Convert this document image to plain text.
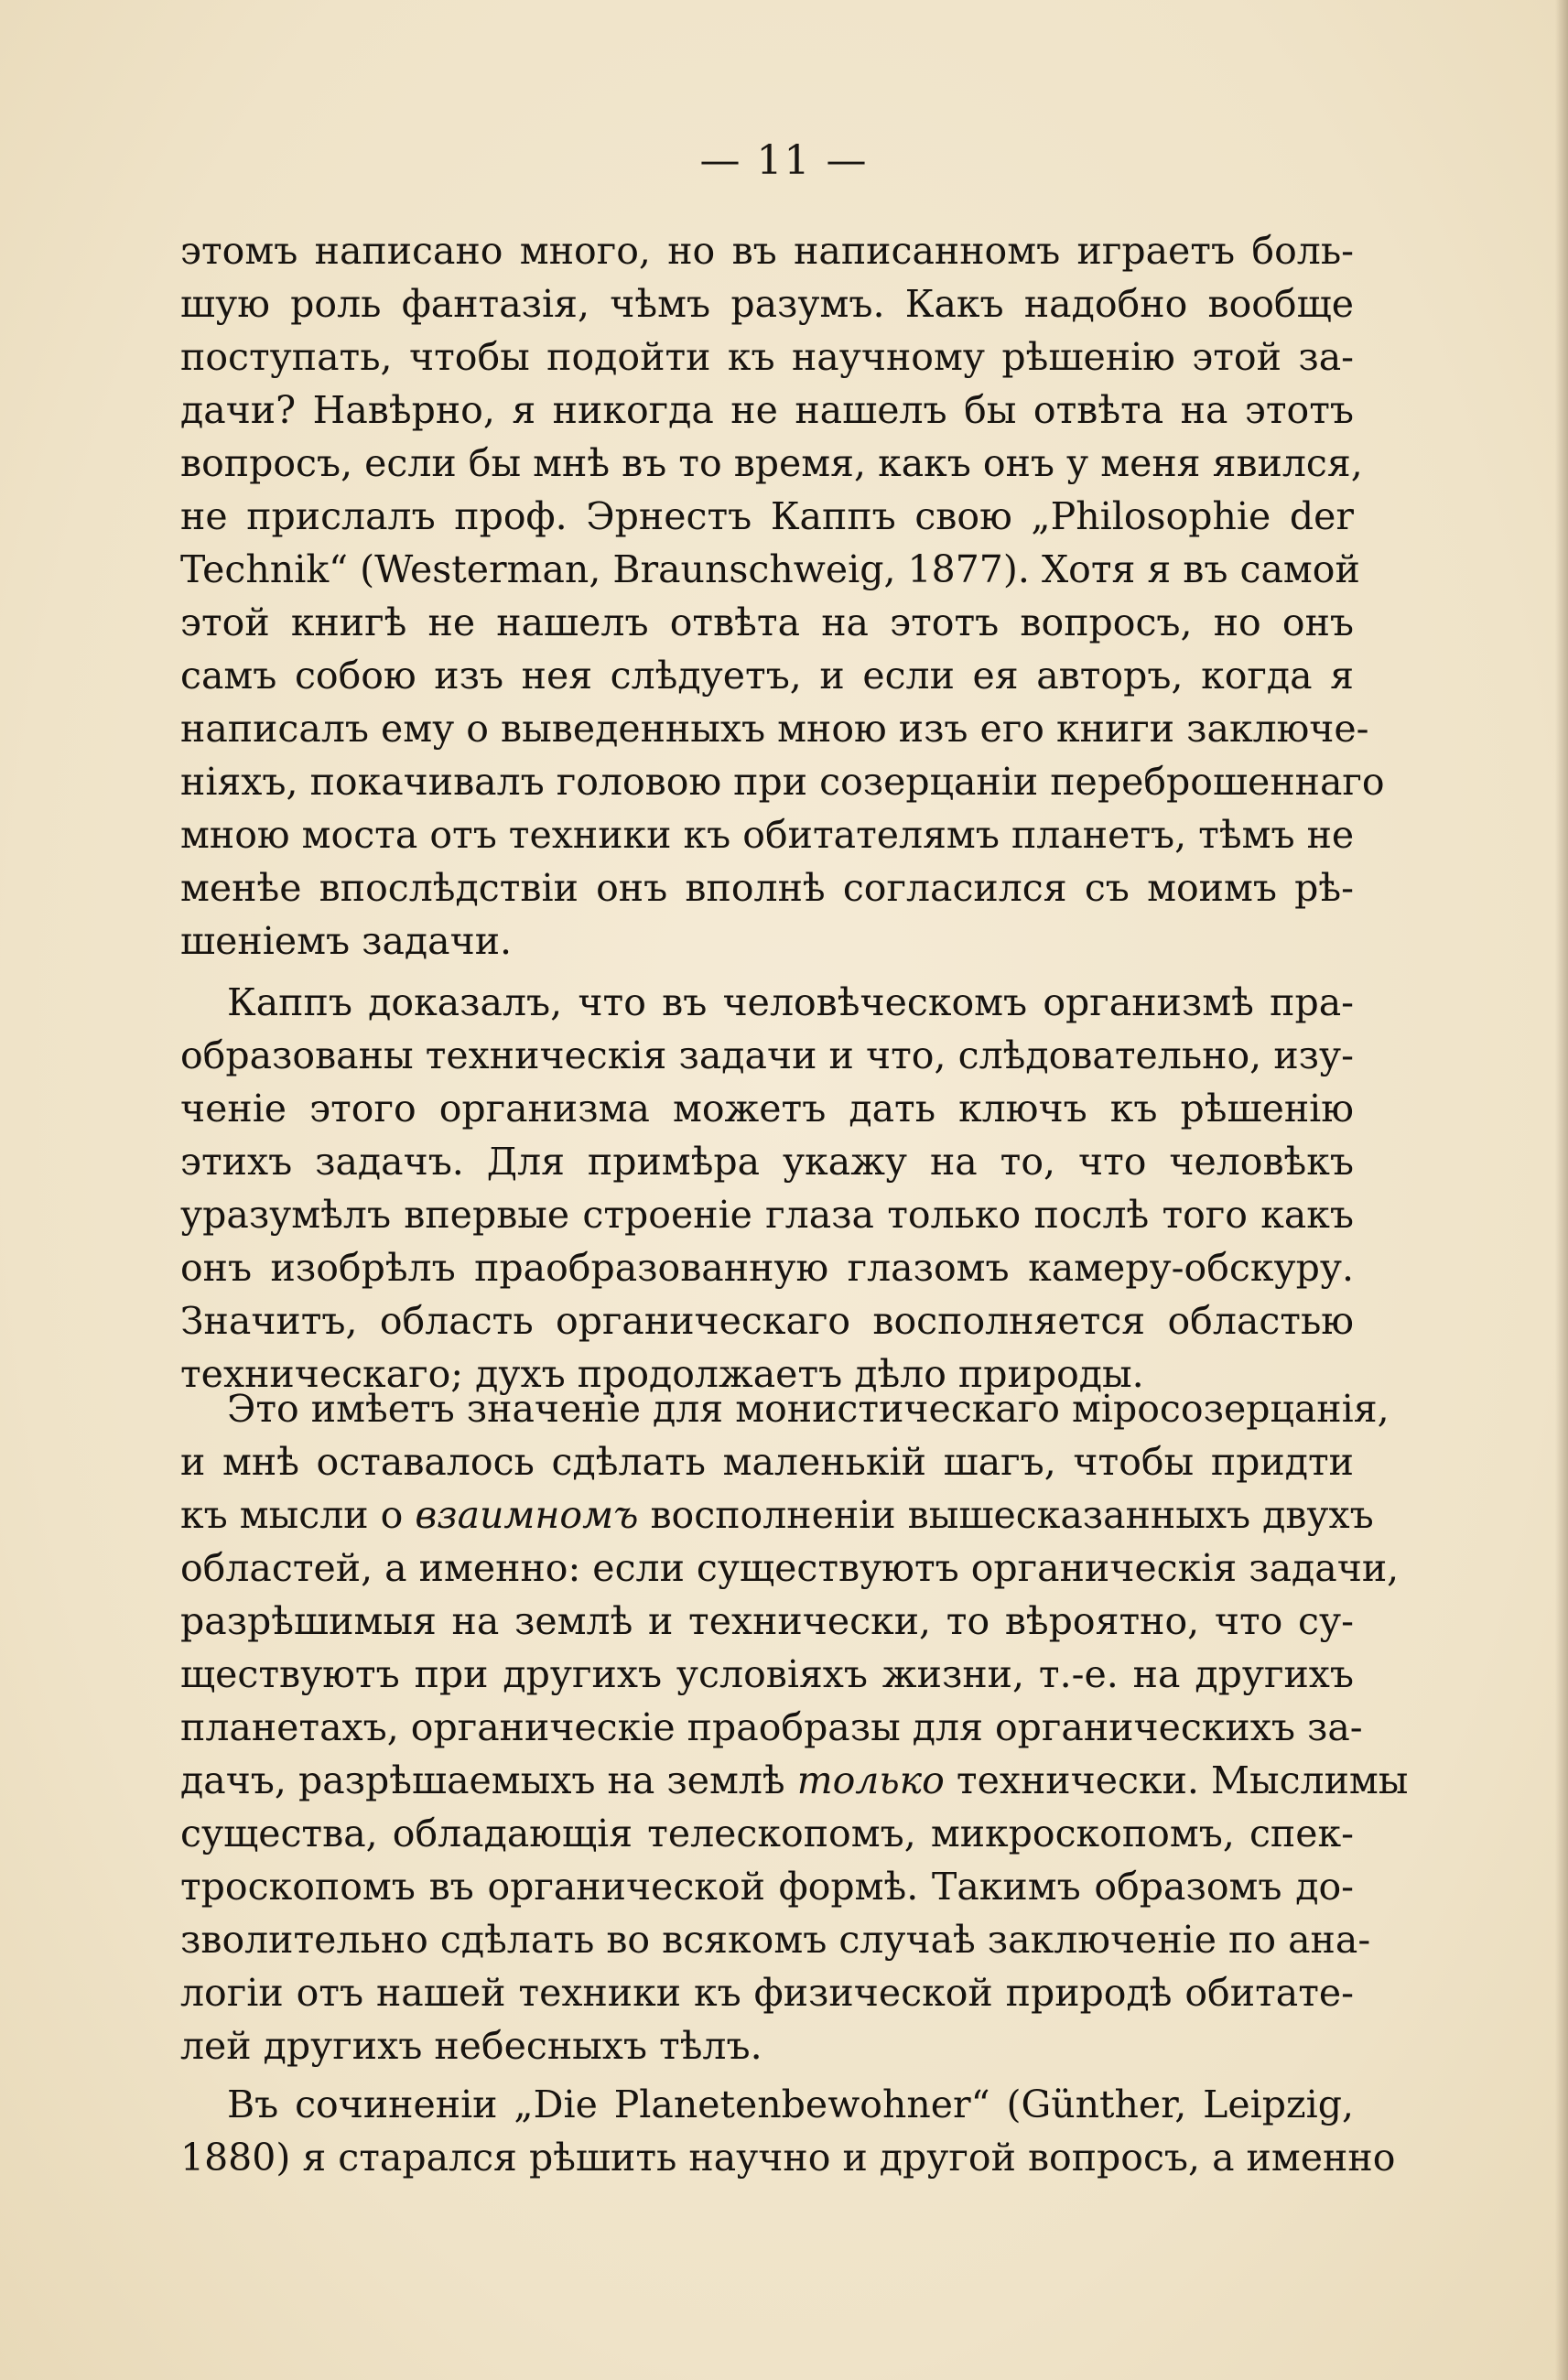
— 11 —
этомъ написано много, но въ написанномъ играетъ боль-
шую роль фантазія, чѣмъ разумъ. Какъ надобно вообще
поступать, чтобы подойти къ научному рѣшенію этой за-
дачи? Навѣрно, я никогда не нашелъ бы отвѣта на этотъ
вопросъ, если бы мнѣ въ то время, какъ онъ у меня явился,
не прислалъ проф. Эрнестъ Каппъ свою „Philosophie der
Technik“ (Westerman, Braunschweig, 1877). Хотя я въ самой
этой книгѣ не нашелъ отвѣта на этотъ вопросъ, но онъ
самъ собою изъ нея слѣдуетъ, и если ея авторъ, когда я
написалъ ему о выведенныхъ мною изъ его книги заключе-
ніяхъ, покачивалъ головою при созерцаніи переброшеннаго
мною моста отъ техники къ обитателямъ планетъ, тѣмъ не
менѣе впослѣдствіи онъ вполнѣ согласился съ моимъ рѣ-
шеніемъ задачи.
Каппъ доказалъ, что въ человѣческомъ организмѣ пра-
образованы техническія задачи и что, слѣдовательно, изу-
ченіе этого организма можетъ дать ключъ къ рѣшенію
этихъ задачъ. Для примѣра укажу на то, что человѣкъ
уразумѣлъ впервые строеніе глаза только послѣ того какъ
онъ изобрѣлъ праобразованную глазомъ камеру-обскуру.
Значитъ, область органическаго восполняется областью
техническаго; духъ продолжаетъ дѣло природы.
Это имѣетъ значеніе для монистическаго міросозерцанія,
и мнѣ оставалось сдѣлать маленькій шагъ, чтобы придти
къ мысли о взаимномъ восполненіи вышесказанныхъ двухъ
областей, а именно: если существуютъ органическія задачи,
разрѣшимыя на землѣ и технически, то вѣроятно, что су-
ществуютъ при другихъ условіяхъ жизни, т.-е. на другихъ
планетахъ, органическіе праобразы для органическихъ за-
дачъ, разрѣшаемыхъ на землѣ только технически. Мыслимы
существа, обладающія телескопомъ, микроскопомъ, спек-
троскопомъ въ органической формѣ. Такимъ образомъ до-
зволительно сдѣлать во всякомъ случаѣ заключеніе по ана-
логіи отъ нашей техники къ физической природѣ обитате-
лей другихъ небесныхъ тѣлъ.
Въ сочиненіи „Die Planetenbewohner“ (Günther, Leipzig,
1880) я старался рѣшить научно и другой вопросъ, а именно
